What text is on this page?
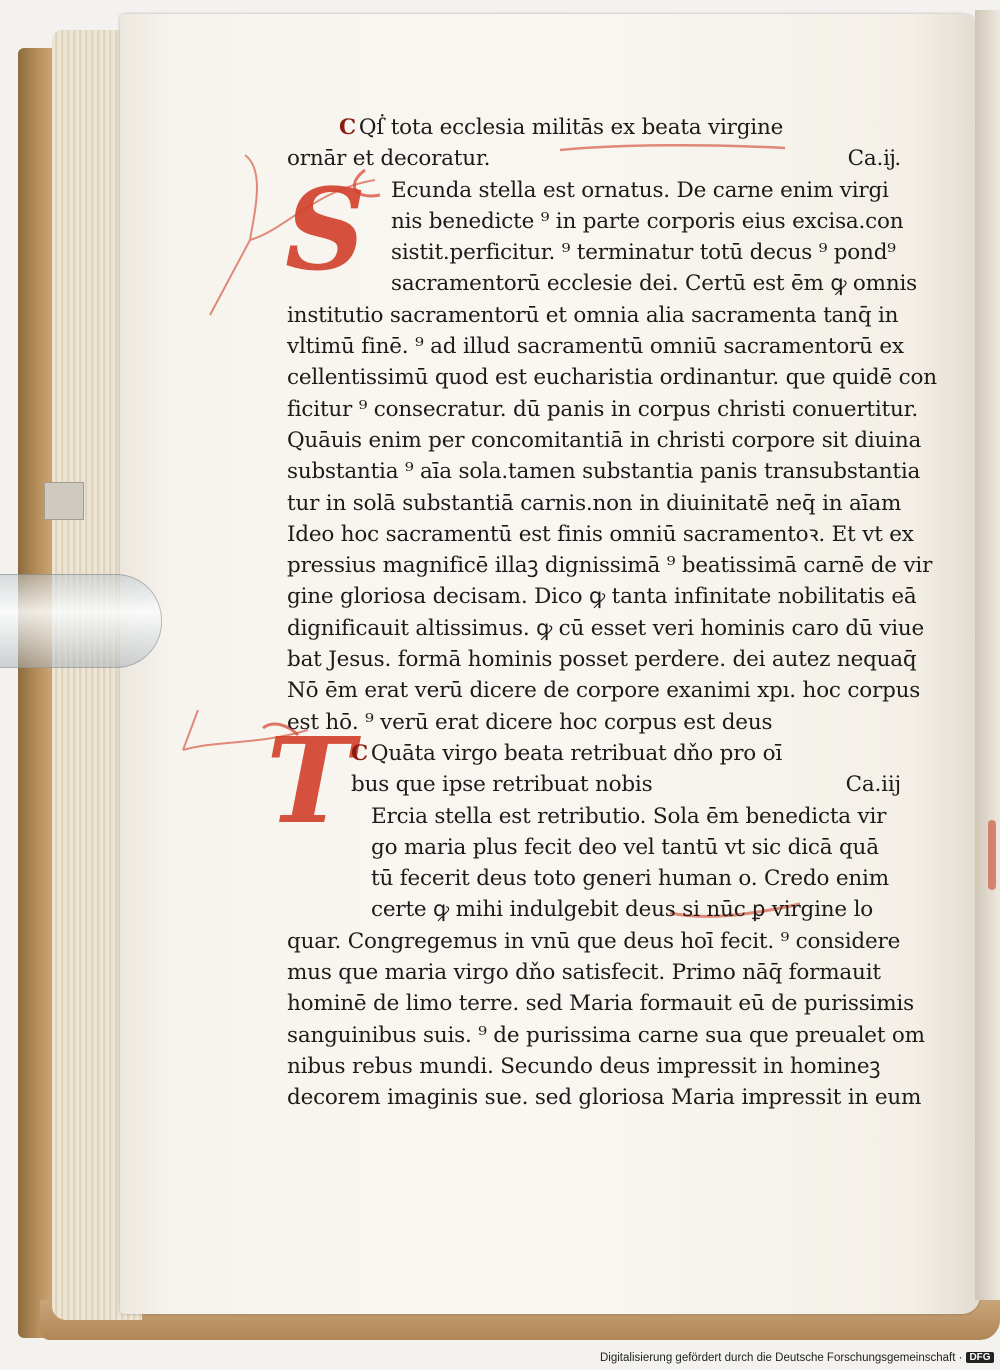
S
T
C Qẛ tota ecclesia militās ex beata virgine
ornār et decoratur.	Ca.ĳ.
Ecunda stella est ornatus. De carne enim virgi
nis benedicte ⁹ in parte corporis eius excisa.con
sistit.perficitur. ⁹ terminatur totū decus ⁹ pond⁹
sacramentorū ecclesie dei. Certū est ēm ꝙ omnis
institutio sacramentorū et omnia alia sacramenta tanq̄ in
vltimū finē. ⁹ ad illud sacramentū omniū sacramentorū ex
cellentissimū quod est eucharistia ordinantur. que quidē con
ficitur ⁹ consecratur. dū panis in corpus christi conuertitur.
Quāuis enim per concomitantiā in christi corpore sit diuina
substantia ⁹ aīa sola.tamen substantia panis transubstantia
tur in solā substantiā carnis.non in diuinitatē neq̄ in aīam
Ideo hoc sacramentū est finis omniū sacramentoꝛ. Et vt ex
pressius magnificē illaꝫ dignissimā ⁹ beatissimā carnē de vir
gine gloriosa decisam. Dico ꝙ tanta infinitate nobilitatis eā
dignificauit altissimus. ꝙ cū esset veri hominis caro dū viue
bat Jesus. formā hominis posset perdere. dei autez nequaq̄
Nō ēm erat verū dicere de corpore exanimi xpı. hoc corpus
est hō. ⁹ verū erat dicere hoc corpus est deus
C Quāta virgo beata retribuat dňo pro oī
bus que ipse retribuat nobis	Ca.iij
Ercia stella est retributio. Sola ēm benedicta vir
go maria plus fecit deo vel tantū vt sic dicā quā
tū fecerit deus toto generi human o. Credo enim
certe ꝙ mihi indulgebit deus si nūc ꝑ virgine lo
quar. Congregemus in vnū que deus hoī fecit. ⁹ considere
mus que maria virgo dňo satisfecit. Primo nāq̄ formauit
hominē de limo terre. sed Maria formauit eū de purissimis
sanguinibus suis. ⁹ de purissima carne sua que preualet om
nibus rebus mundi. Secundo deus impressit in homineꝫ
decorem imaginis sue. sed gloriosa Maria impressit in eum
Digitalisierung gefördert durch die Deutsche Forschungsgemeinschaft · DFG
